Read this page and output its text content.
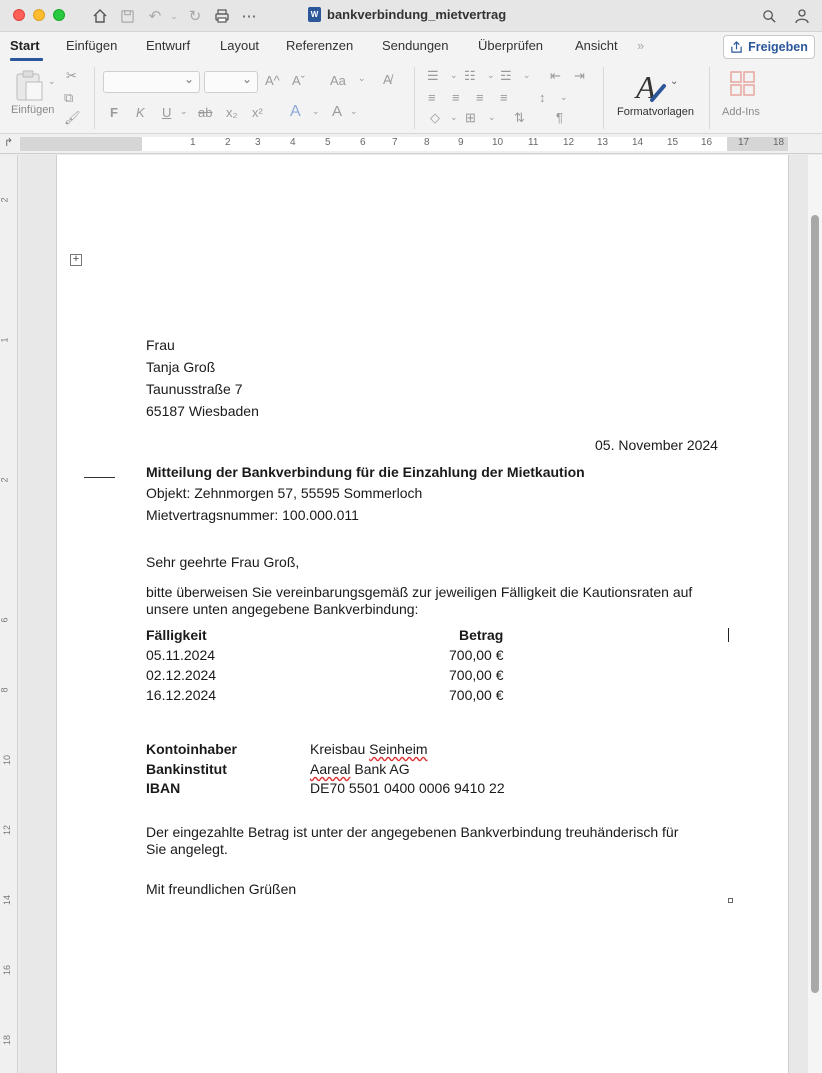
↶ ⌄ ↻	⋯	W bankverbindung_mietvertrag
Start Einfügen Entwurf Layout Referenzen Sendungen Überprüfen Ansicht »	Freigeben
⌄
Einfügen
✂
⧉
🖌
⌄
⌄
A^ Aˇ Aa ⌄ A̸
F K U ⌄ ab x₂ x² A ⌄ A ⌄
☰ ⌄ ☷ ⌄ ☲ ⌄ ⇤ ⇥
≡ ≡ ≡ ≡ ↕ ⌄
◇ ⌄ ⊞ ⌄ ⇅ ¶
A ⌄
Formatvorlagen	Add-Ins
↱	1	2 3	4	5	6	7	8	9	10 11 12 13 14 15 16	17 18
2
1
2
6
8
10
12
14
16
18
+
Frau
Tanja Groß
Taunusstraße 7
65187 Wiesbaden
05. November 2024
Mitteilung der Bankverbindung für die Einzahlung der Mietkaution
Objekt: Zehnmorgen 57, 55595 Sommerloch
Mietvertragsnummer: 100.000.011
Sehr geehrte Frau Groß,
bitte überweisen Sie vereinbarungsgemäß zur jeweiligen Fälligkeit die Kautionsraten auf
unsere unten angegebene Bankverbindung:
Fälligkeit	Betrag
05.11.2024	700,00 €
02.12.2024	700,00 €
16.12.2024	700,00 €
Kontoinhaber	Kreisbau Seinheim
Bankinstitut	Aareal Bank AG
IBAN	DE70 5501 0400 0006 9410 22
Der eingezahlte Betrag ist unter der angegebenen Bankverbindung treuhänderisch für
Sie angelegt.
Mit freundlichen Grüßen
